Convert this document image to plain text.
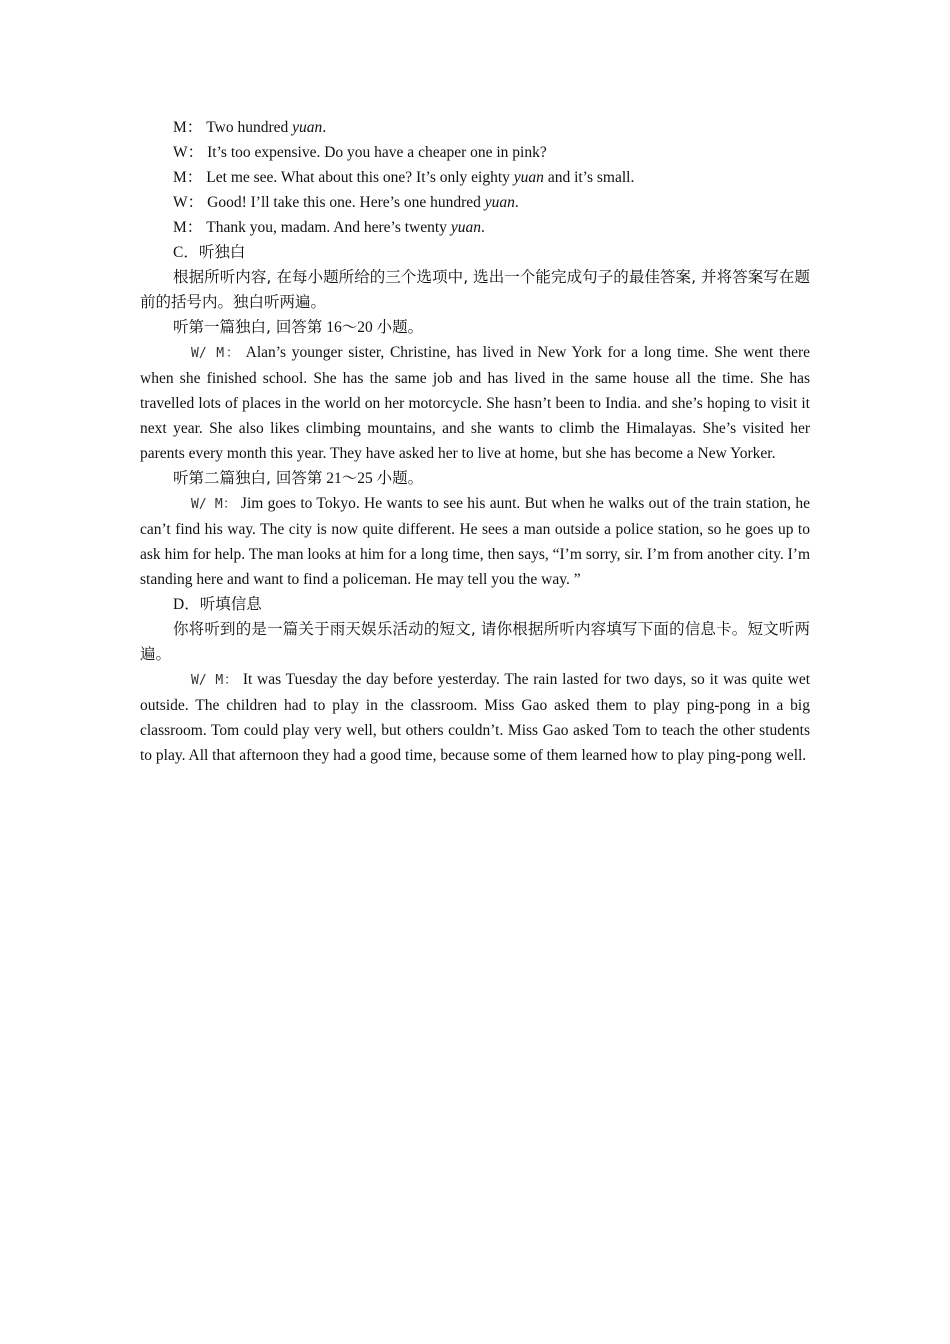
M： Two hundred yuan.
W： It’s too expensive. Do you have a cheaper one in pink?
M： Let me see. What about this one? It’s only eighty yuan and it’s small.
W： Good! I’ll take this one. Here’s one hundred yuan.
M： Thank you, madam. And here’s twenty yuan.
C．听独白

根据所听内容, 在每小题所给的三个选项中, 选出一个能完成句子的最佳答案, 并将答案写在题前的括号内。独白听两遍。

听第一篇独白, 回答第 16～20 小题。

W/ M： Alan’s younger sister, Christine, has lived in New York for a long time. She went there when she finished school. She has the same job and has lived in the same house all the time. She has travelled lots of places in the world on her motorcycle. She hasn’t been to India. and she’s hoping to visit it next year. She also likes climbing mountains, and she wants to climb the Himalayas. She’s visited her parents every month this year. They have asked her to live at home, but she has become a New Yorker.

听第二篇独白, 回答第 21～25 小题。

W/ M： Jim goes to Tokyo. He wants to see his aunt. But when he walks out of the train station, he can’t find his way. The city is now quite different. He sees a man outside a police station, so he goes up to ask him for help. The man looks at him for a long time, then says, “I’m sorry, sir. I’m from another city. I’m standing here and want to find a policeman. He may tell you the way. ”

D．听填信息

你将听到的是一篇关于雨天娱乐活动的短文, 请你根据所听内容填写下面的信息卡。短文听两遍。

W/ M： It was Tuesday the day before yesterday. The rain lasted for two days, so it was quite wet outside. The children had to play in the classroom. Miss Gao asked them to play ping-pong in a big classroom. Tom could play very well, but others couldn’t. Miss Gao asked Tom to teach the other students to play. All that afternoon they had a good time, because some of them learned how to play ping-pong well.
